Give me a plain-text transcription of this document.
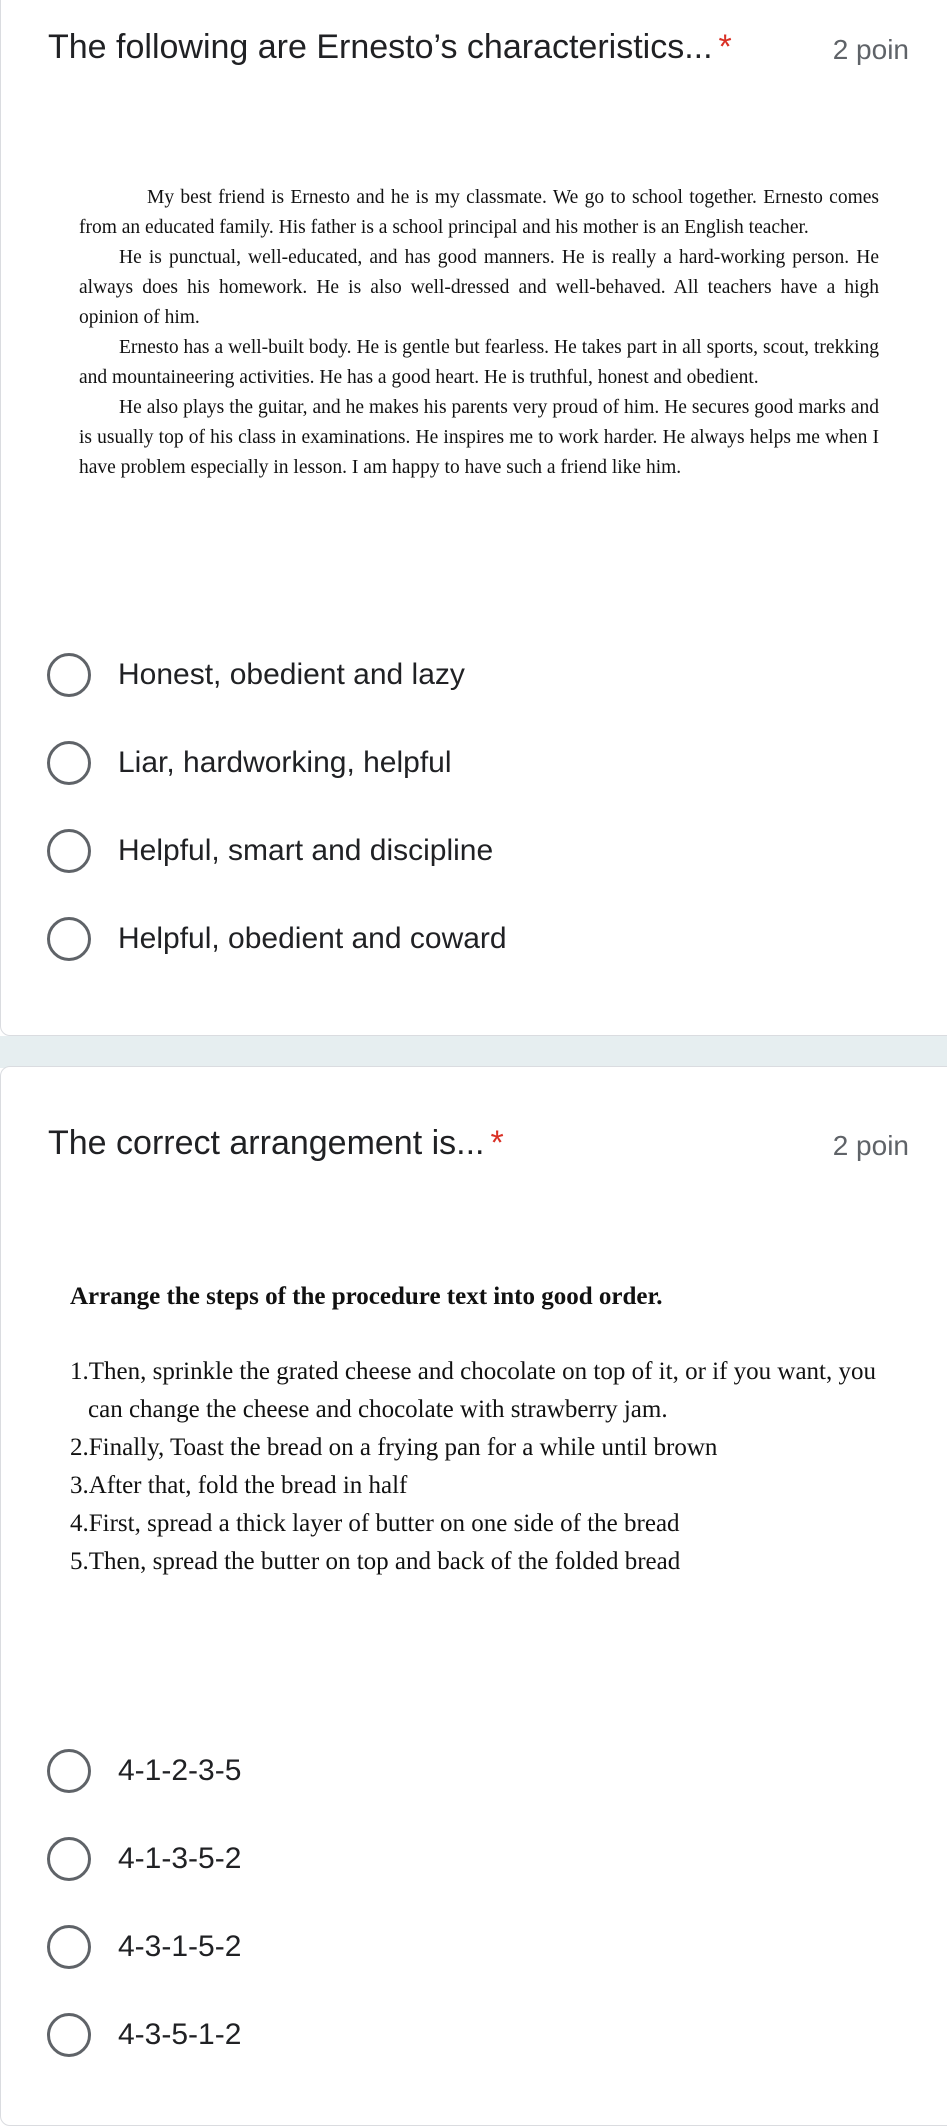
The following are Ernesto’s characteristics... *	2 poin

My best friend is Ernesto and he is my classmate. We go to school together. Ernesto comes from an educated family. His father is a school principal and his mother is an English teacher.

He is punctual, well-educated, and has good manners. He is really a hard-working person. He always does his homework. He is also well-dressed and well-behaved. All teachers have a high opinion of him.

Ernesto has a well-built body. He is gentle but fearless. He takes part in all sports, scout, trekking and mountaineering activities. He has a good heart. He is truthful, honest and obedient.

He also plays the guitar, and he makes his parents very proud of him. He secures good marks and is usually top of his class in examinations. He inspires me to work harder. He always helps me when I have problem especially in lesson. I am happy to have such a friend like him.

Honest, obedient and lazy
Liar, hardworking, helpful
Helpful, smart and discipline
Helpful, obedient and coward
The correct arrangement is... *	2 poin
Arrange the steps of the procedure text into good order.
1.Then, sprinkle the grated cheese and chocolate on top of it, or if you want, you can change the cheese and chocolate with strawberry jam.
2.Finally, Toast the bread on a frying pan for a while until brown
3.After that, fold the bread in half
4.First, spread a thick layer of butter on one side of the bread
5.Then, spread the butter on top and back of the folded bread
4-1-2-3-5
4-1-3-5-2
4-3-1-5-2
4-3-5-1-2
